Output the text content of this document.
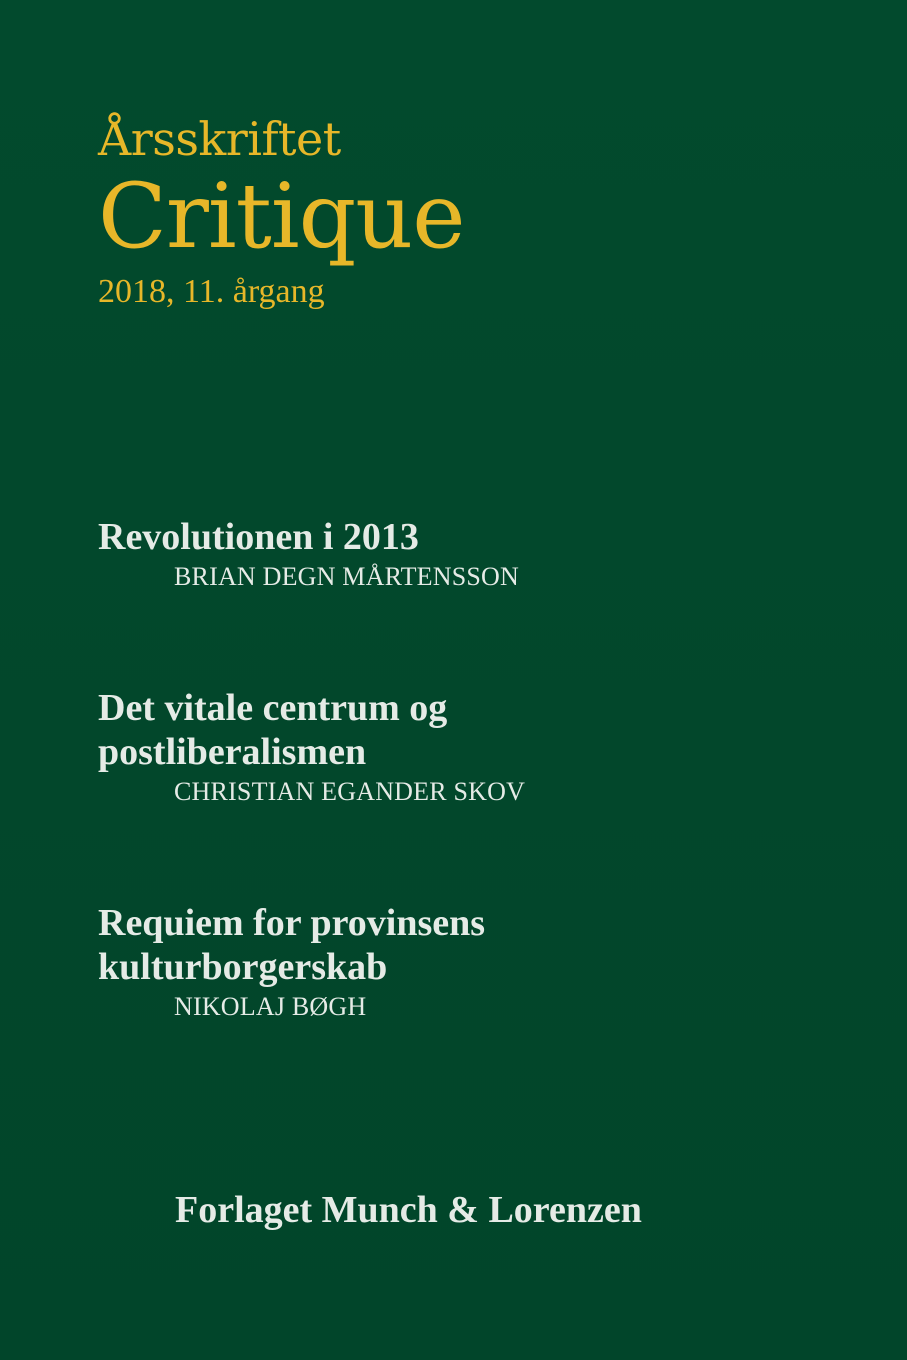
Årsskriftet
Critique

2018, 11. årgang

Revolutionen i 2013

BRIAN DEGN MÅRTENSSON

Det vitale centrum og
postliberalismen

CHRISTIAN EGANDER SKOV

Requiem for provinsens
kulturborgerskab

NIKOLAJ BØGH

Forlaget Munch & Lorenzen
